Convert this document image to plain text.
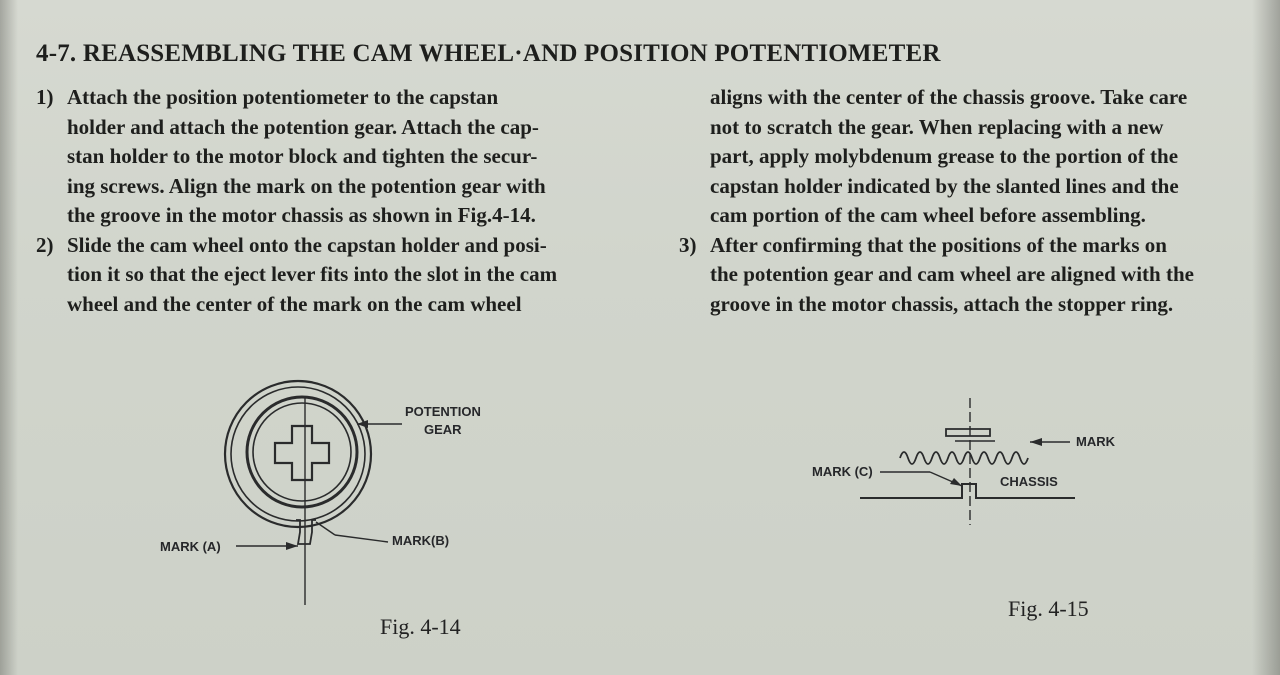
4-7. REASSEMBLING THE CAM WHEEL·AND POSITION POTENTIOMETER

1) Attach the position potentiometer to the capstan

holder and attach the potention gear. Attach the cap-

stan holder to the motor block and tighten the secur-

ing screws. Align the mark on the potention gear with

the groove in the motor chassis as shown in Fig.4-14.

2) Slide the cam wheel onto the capstan holder and posi-

tion it so that the eject lever fits into the slot in the cam

wheel and the center of the mark on the cam wheel

aligns with the center of the chassis groove. Take care

not to scratch the gear. When replacing with a new

part, apply molybdenum grease to the portion of the

capstan holder indicated by the slanted lines and the

cam portion of the cam wheel before assembling.

3) After confirming that the positions of the marks on

the potention gear and cam wheel are aligned with the

groove in the motor chassis, attach the stopper ring.

POTENTION
GEAR
MARK (A)	MARK(B)
Fig. 4-14
MARK
MARK (C)
CHASSIS
Fig. 4-15
